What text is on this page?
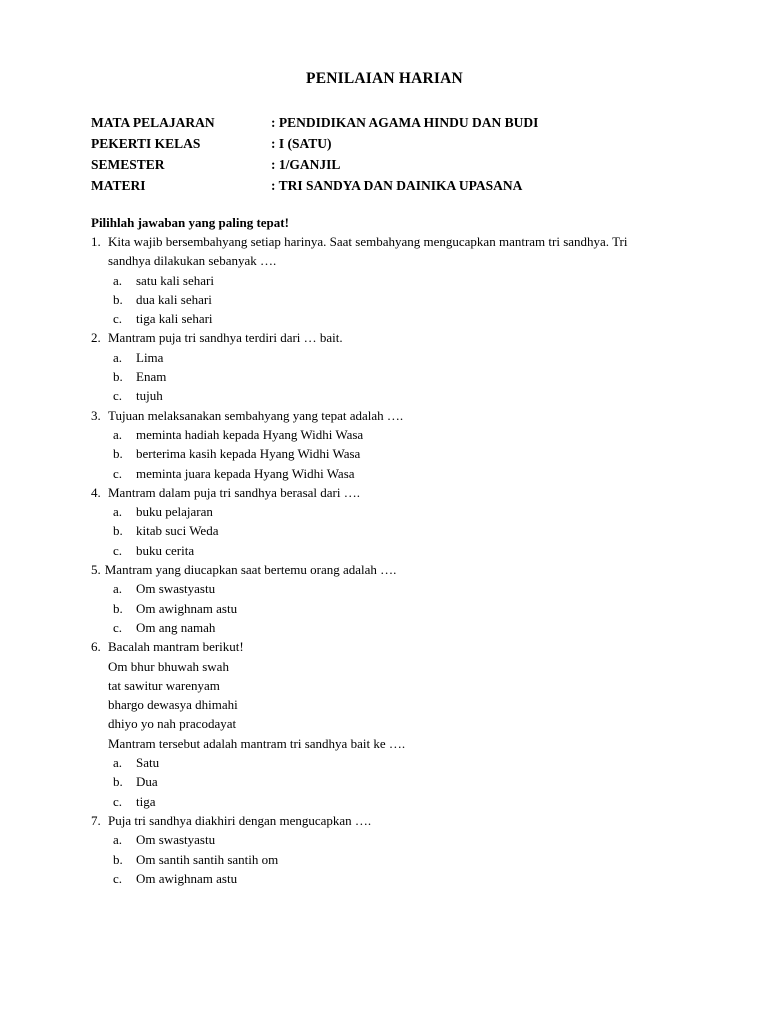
PENILAIAN HARIAN
MATA PELAJARAN	: PENDIDIKAN AGAMA HINDU DAN BUDI
PEKERTI KELAS	: I (SATU)
SEMESTER	: 1/GANJIL
MATERI	: TRI SANDYA DAN DAINIKA UPASANA
Pilihlah jawaban yang paling tepat!
1. Kita wajib bersembahyang setiap harinya. Saat sembahyang mengucapkan mantram tri sandhya. Tri sandhya dilakukan sebanyak ….
a.	satu kali sehari
b.	dua kali sehari
c.	tiga kali sehari
2. Mantram puja tri sandhya terdiri dari … bait.
a.	Lima
b.	Enam
c.	tujuh
3. Tujuan melaksanakan sembahyang yang tepat adalah ….
a.	meminta hadiah kepada Hyang Widhi Wasa
b.	berterima kasih kepada Hyang Widhi Wasa
c.	meminta juara kepada Hyang Widhi Wasa
4. Mantram dalam puja tri sandhya berasal dari ….
a.	buku pelajaran
b.	kitab suci Weda
c.	buku cerita
5. Mantram yang diucapkan saat bertemu orang adalah ….
a.	Om swastyastu
b.	Om awighnam astu
c.	Om ang namah
6. Bacalah mantram berikut!
Om bhur bhuwah swah
tat sawitur warenyam
bhargo dewasya dhimahi
dhiyo yo nah pracodayat
Mantram tersebut adalah mantram tri sandhya bait ke ….
a.	Satu
b.	Dua
c.	tiga
7. Puja tri sandhya diakhiri dengan mengucapkan ….
a.	Om swastyastu
b.	Om santih santih santih om
c.	Om awighnam astu
